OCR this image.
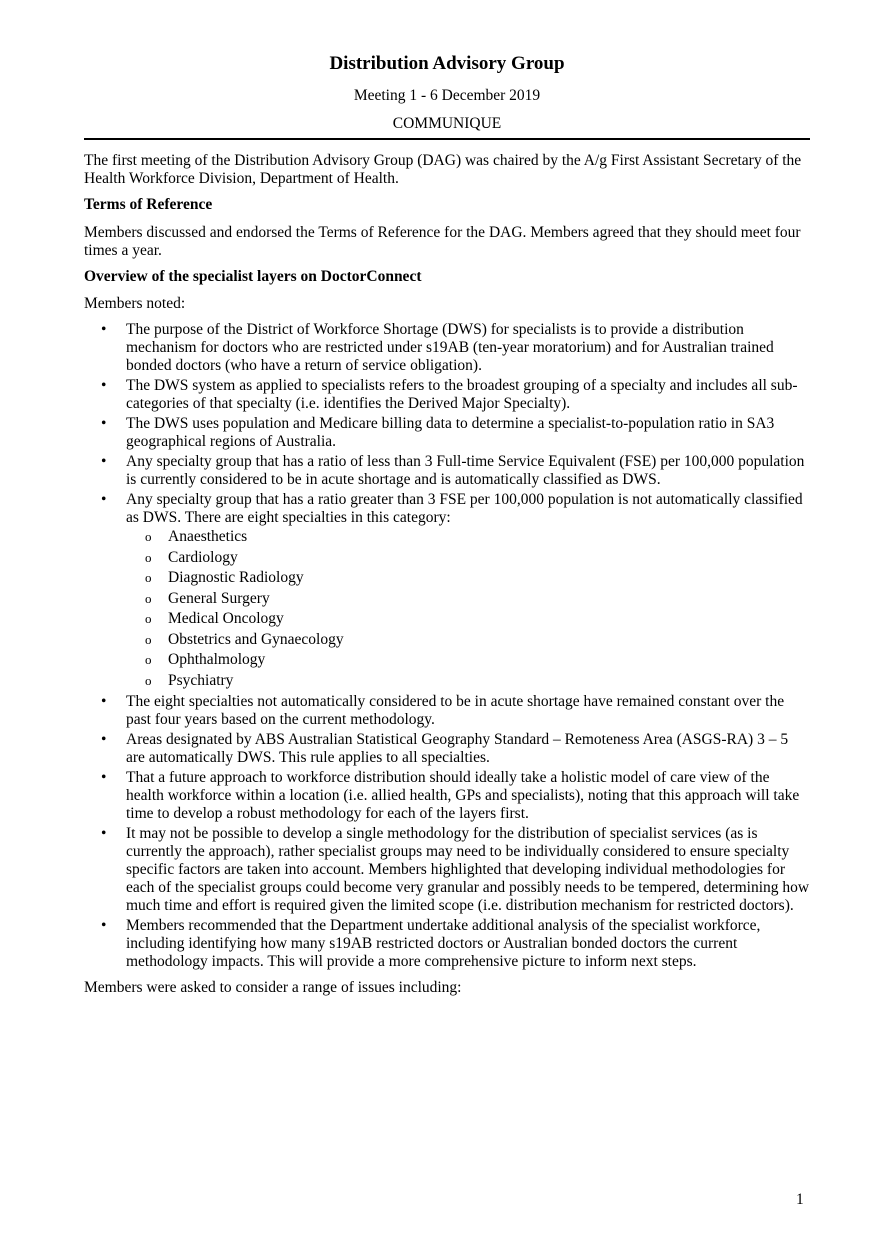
Distribution Advisory Group
Meeting 1 - 6 December 2019
COMMUNIQUE

The first meeting of the Distribution Advisory Group (DAG) was chaired by the A/g First Assistant Secretary of the Health Workforce Division, Department of Health.

Terms of Reference

Members discussed and endorsed the Terms of Reference for the DAG. Members agreed that they should meet four times a year.

Overview of the specialist layers on DoctorConnect

Members noted:

• The purpose of the District of Workforce Shortage (DWS) for specialists is to provide a distribution mechanism for doctors who are restricted under s19AB (ten-year moratorium) and for Australian trained bonded doctors (who have a return of service obligation).
• The DWS system as applied to specialists refers to the broadest grouping of a specialty and includes all sub-categories of that specialty (i.e. identifies the Derived Major Specialty).
• The DWS uses population and Medicare billing data to determine a specialist-to-population ratio in SA3 geographical regions of Australia.
• Any specialty group that has a ratio of less than 3 Full-time Service Equivalent (FSE) per 100,000 population is currently considered to be in acute shortage and is automatically classified as DWS.
• Any specialty group that has a ratio greater than 3 FSE per 100,000 population is not automatically classified as DWS. There are eight specialties in this category:
o Anaesthetics
o Cardiology
o Diagnostic Radiology
o General Surgery
o Medical Oncology
o Obstetrics and Gynaecology
o Ophthalmology
o Psychiatry
• The eight specialties not automatically considered to be in acute shortage have remained constant over the past four years based on the current methodology.
• Areas designated by ABS Australian Statistical Geography Standard – Remoteness Area (ASGS-RA) 3 – 5 are automatically DWS. This rule applies to all specialties.
• That a future approach to workforce distribution should ideally take a holistic model of care view of the health workforce within a location (i.e. allied health, GPs and specialists), noting that this approach will take time to develop a robust methodology for each of the layers first.
• It may not be possible to develop a single methodology for the distribution of specialist services (as is currently the approach), rather specialist groups may need to be individually considered to ensure specialty specific factors are taken into account. Members highlighted that developing individual methodologies for each of the specialist groups could become very granular and possibly needs to be tempered, determining how much time and effort is required given the limited scope (i.e. distribution mechanism for restricted doctors).
• Members recommended that the Department undertake additional analysis of the specialist workforce, including identifying how many s19AB restricted doctors or Australian bonded doctors the current methodology impacts. This will provide a more comprehensive picture to inform next steps.

Members were asked to consider a range of issues including:

1
